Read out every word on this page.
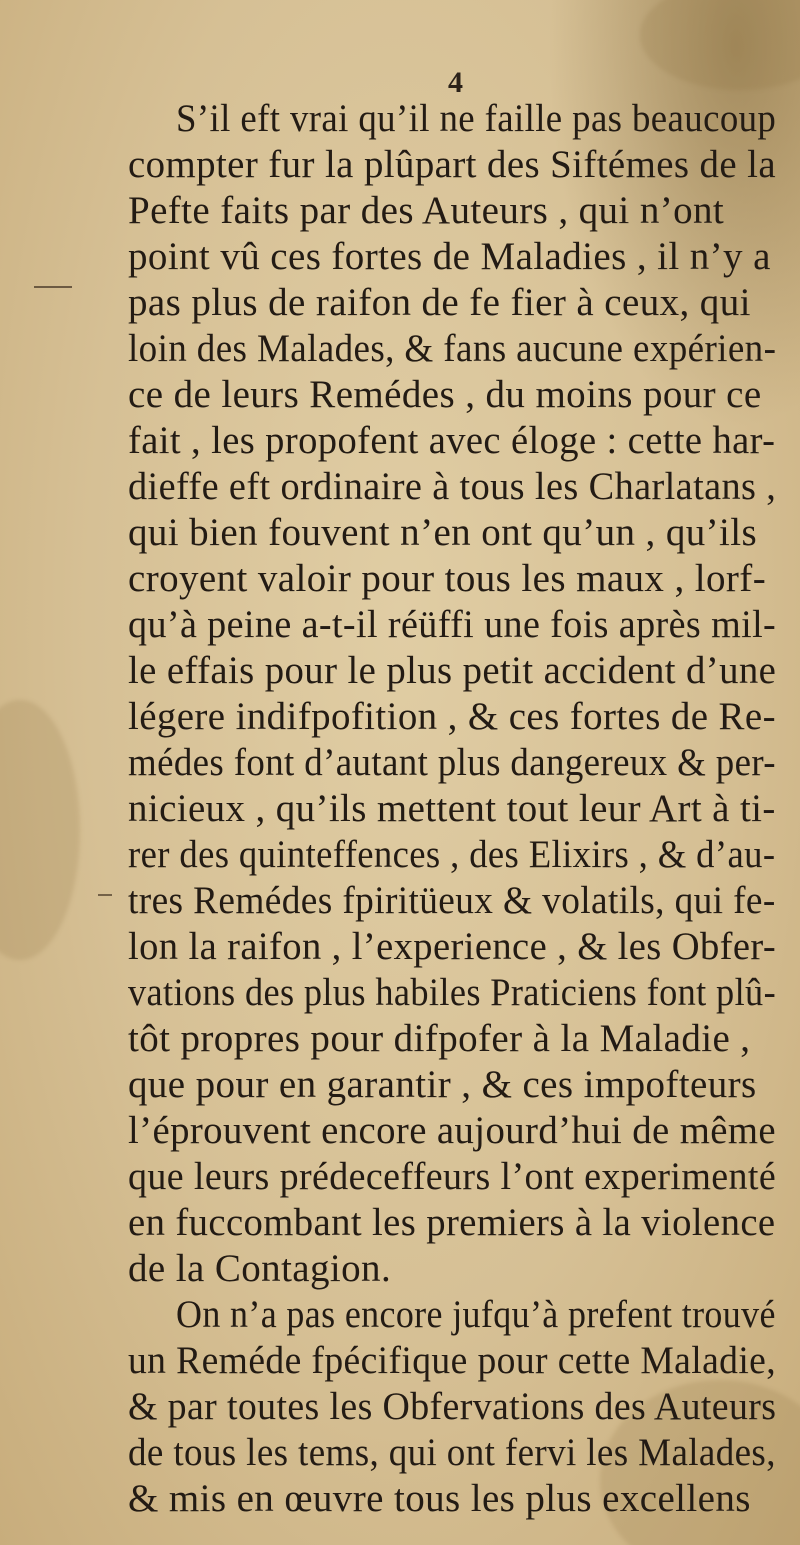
4
S’il eft vrai qu’il ne faille pas beaucoup
compter fur la plûpart des Siftémes de la
Pefte faits par des Auteurs , qui n’ont
point vû ces fortes de Maladies , il n’y a
pas plus de raifon de fe fier à ceux, qui
loin des Malades, & fans aucune expérien-
ce de leurs Remédes , du moins pour ce
fait , les propofent avec éloge : cette har-
dieffe eft ordinaire à tous les Charlatans ,
qui bien fouvent n’en ont qu’un , qu’ils
croyent valoir pour tous les maux , lorf-
qu’à peine a-t-il réüffi une fois après mil-
le effais pour le plus petit accident d’une
légere indifpofition , & ces fortes de Re-
médes font d’autant plus dangereux & per-
nicieux , qu’ils mettent tout leur Art à ti-
rer des quinteffences , des Elixirs , & d’au-
tres Remédes fpiritüeux & volatils, qui fe-
lon la raifon , l’experience , & les Obfer-
vations des plus habiles Praticiens font plû-
tôt propres pour difpofer à la Maladie ,
que pour en garantir , & ces impofteurs
l’éprouvent encore aujourd’hui de même
que leurs prédeceffeurs l’ont experimenté
en fuccombant les premiers à la violence
de la Contagion.
On n’a pas encore jufqu’à prefent trouvé
un Reméde fpécifique pour cette Maladie,
& par toutes les Obfervations des Auteurs
de tous les tems, qui ont fervi les Malades,
& mis en œuvre tous les plus excellens
